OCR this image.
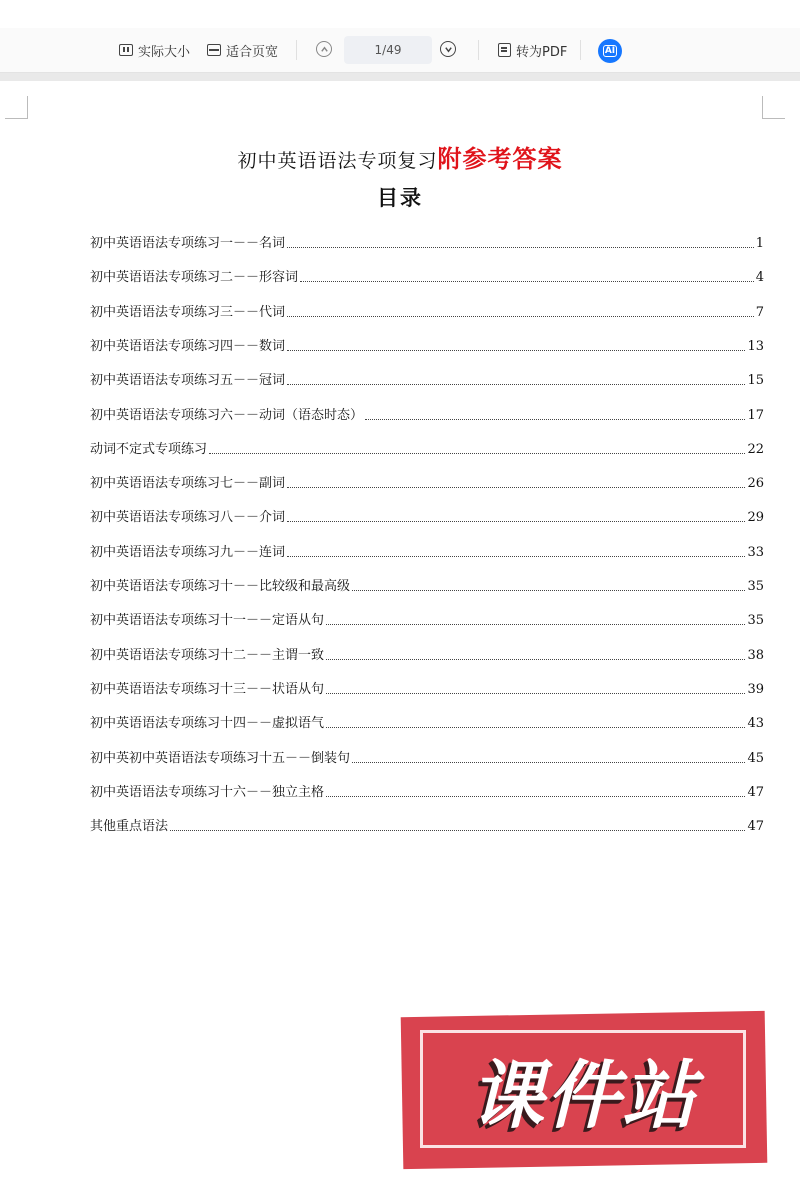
实际大小	适合页宽	1/49	转为PDF	AI
初中英语语法专项复习附参考答案
目录
初中英语语法专项练习一－－名词	1
初中英语语法专项练习二－－形容词	4
初中英语语法专项练习三－－代词	7
初中英语语法专项练习四－－数词	13
初中英语语法专项练习五－－冠词	15
初中英语语法专项练习六－－动词（语态时态）	17
动词不定式专项练习	22
初中英语语法专项练习七－－副词	26
初中英语语法专项练习八－－介词	29
初中英语语法专项练习九－－连词	33
初中英语语法专项练习十－－比较级和最高级	35
初中英语语法专项练习十一－－定语从句	35
初中英语语法专项练习十二－－主谓一致	38
初中英语语法专项练习十三－－状语从句	39
初中英语语法专项练习十四－－虚拟语气	43
初中英初中英语语法专项练习十五－－倒装句	45
初中英语语法专项练习十六－－独立主格	47
其他重点语法	47
课件站
